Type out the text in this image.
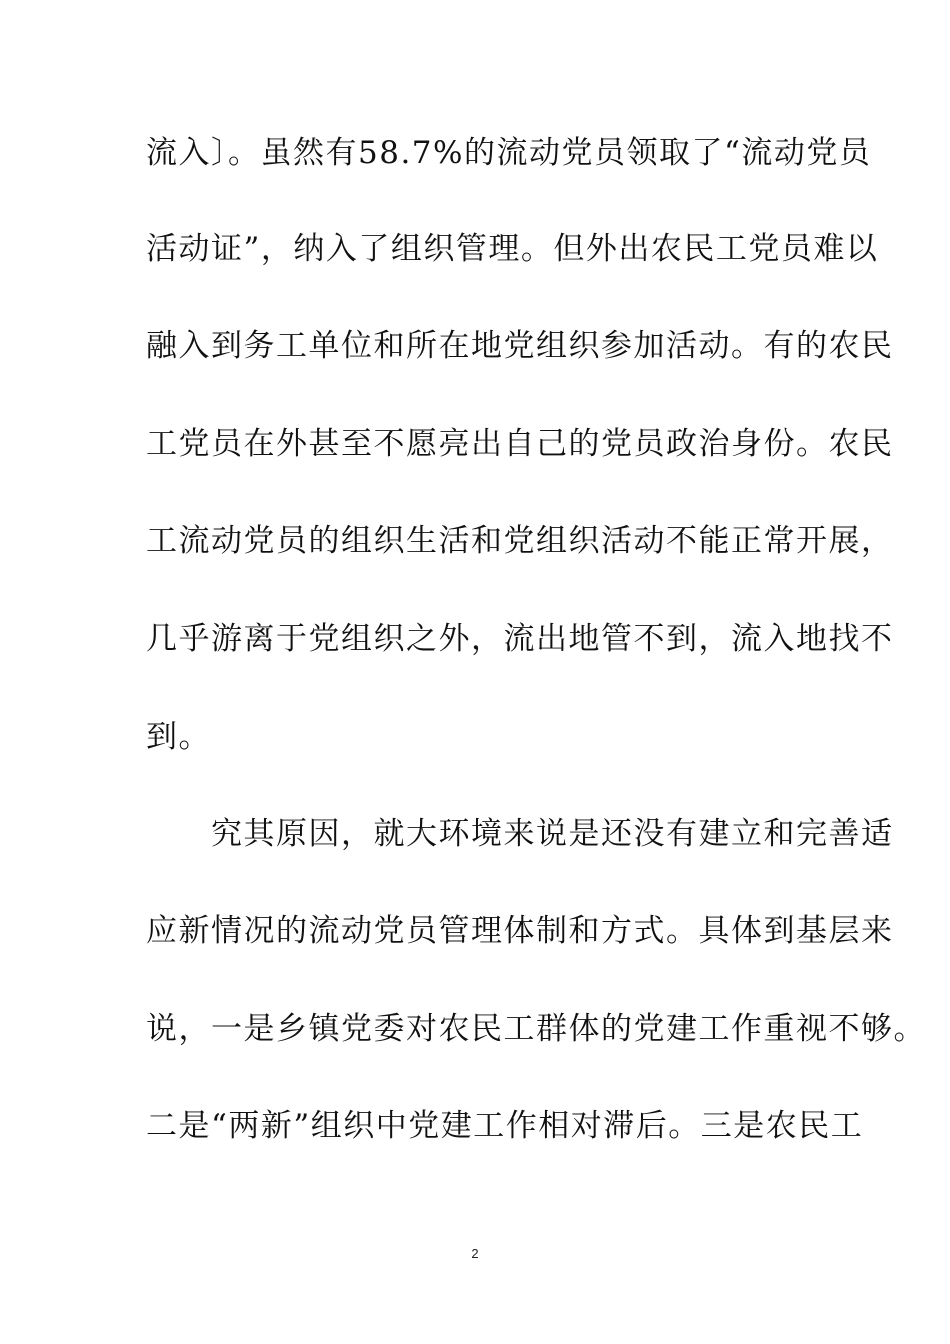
流入〕。虽然有58.7%的流动党员领取了“流动党员
活动证”，纳入了组织管理。但外出农民工党员难以
融入到务工单位和所在地党组织参加活动。有的农民
工党员在外甚至不愿亮出自己的党员政治身份。农民
工流动党员的组织生活和党组织活动不能正常开展，
几乎游离于党组织之外，流出地管不到，流入地找不
到。
　　究其原因，就大环境来说是还没有建立和完善适
应新情况的流动党员管理体制和方式。具体到基层来
说，一是乡镇党委对农民工群体的党建工作重视不够。
二是“两新”组织中党建工作相对滞后。三是农民工
2
